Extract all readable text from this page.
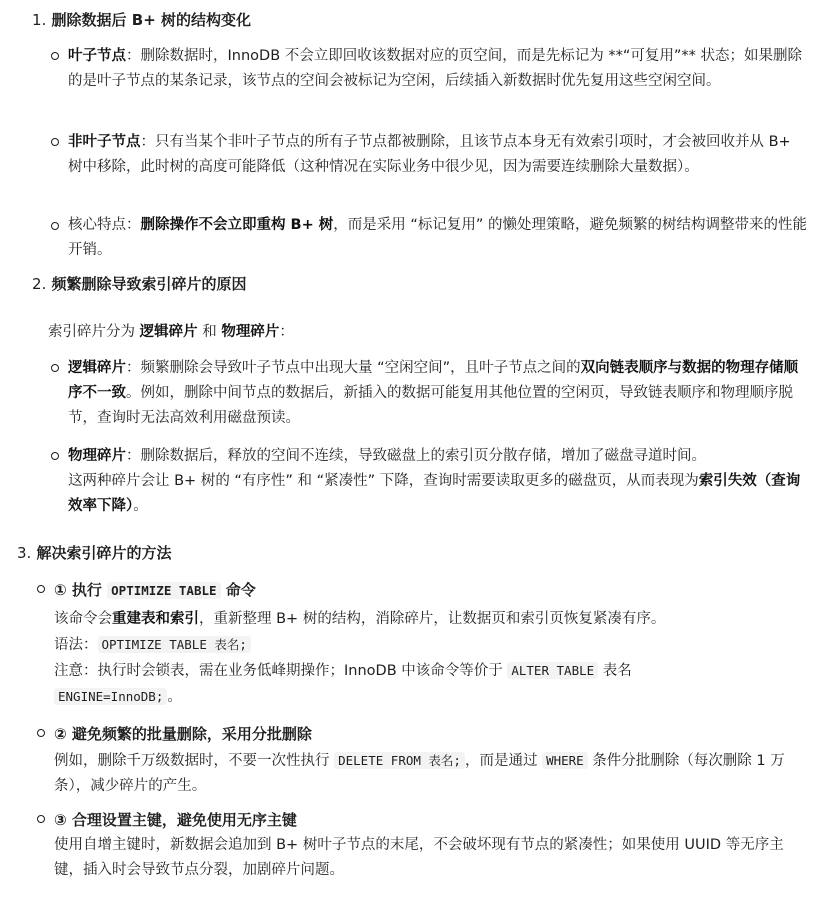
1. 删除数据后 B+ 树的结构变化
叶子节点：删除数据时，InnoDB 不会立即回收该数据对应的页空间，而是先标记为 **“可复用”** 状态；如果删除的是叶子节点的某条记录，该节点的空间会被标记为空闲，后续插入新数据时优先复用这些空闲空间。
非叶子节点：只有当某个非叶子节点的所有子节点都被删除，且该节点本身无有效索引项时，才会被回收并从 B+ 树中移除，此时树的高度可能降低（这种情况在实际业务中很少见，因为需要连续删除大量数据）。
核心特点：删除操作不会立即重构 B+ 树，而是采用 “标记复用” 的懒处理策略，避免频繁的树结构调整带来的性能开销。
2. 频繁删除导致索引碎片的原因
索引碎片分为 逻辑碎片 和 物理碎片：
逻辑碎片：频繁删除会导致叶子节点中出现大量 “空闲空间”，且叶子节点之间的双向链表顺序与数据的物理存储顺序不一致。例如，删除中间节点的数据后，新插入的数据可能复用其他位置的空闲页，导致链表顺序和物理顺序脱节，查询时无法高效利用磁盘预读。
物理碎片：删除数据后，释放的空间不连续，导致磁盘上的索引页分散存储，增加了磁盘寻道时间。
这两种碎片会让 B+ 树的 “有序性” 和 “紧凑性” 下降，查询时需要读取更多的磁盘页，从而表现为索引失效（查询效率下降）。
3. 解决索引碎片的方法
① 执行 OPTIMIZE TABLE 命令
该命令会重建表和索引，重新整理 B+ 树的结构，消除碎片，让数据页和索引页恢复紧凑有序。
语法： OPTIMIZE TABLE 表名;
注意：执行时会锁表，需在业务低峰期操作；InnoDB 中该命令等价于 ALTER TABLE 表名
ENGINE=InnoDB; 。
② 避免频繁的批量删除，采用分批删除
例如，删除千万级数据时，不要一次性执行 DELETE FROM 表名; ，而是通过 WHERE 条件分批删除（每次删除 1 万条），减少碎片的产生。
③ 合理设置主键，避免使用无序主键
使用自增主键时，新数据会追加到 B+ 树叶子节点的末尾，不会破坏现有节点的紧凑性；如果使用 UUID 等无序主键，插入时会导致节点分裂，加剧碎片问题。
